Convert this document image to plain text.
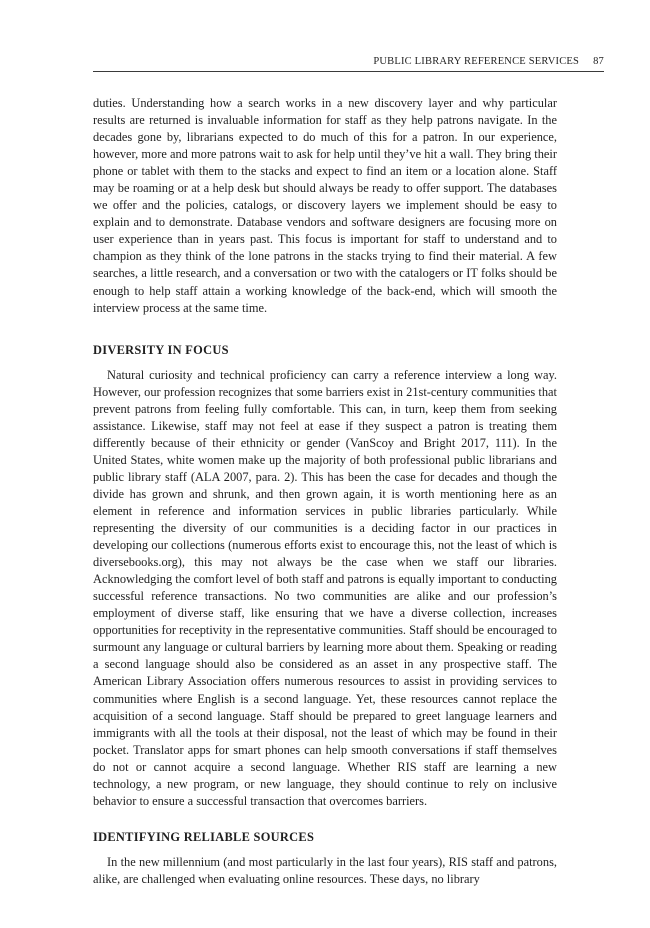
PUBLIC LIBRARY REFERENCE SERVICES 87

duties. Understanding how a search works in a new discovery layer and why particular results are returned is invaluable information for staff as they help patrons navigate. In the decades gone by, librarians expected to do much of this for a patron. In our experience, however, more and more patrons wait to ask for help until they’ve hit a wall. They bring their phone or tablet with them to the stacks and expect to find an item or a location alone. Staff may be roaming or at a help desk but should always be ready to offer support. The databases we offer and the policies, catalogs, or discovery layers we implement should be easy to explain and to demonstrate. Database vendors and software designers are focusing more on user experience than in years past. This focus is important for staff to understand and to champion as they think of the lone patrons in the stacks trying to find their material. A few searches, a little research, and a conversation or two with the catalogers or IT folks should be enough to help staff attain a working knowledge of the back-end, which will smooth the interview process at the same time.

DIVERSITY IN FOCUS

Natural curiosity and technical proficiency can carry a reference interview a long way. However, our profession recognizes that some barriers exist in 21st-century communities that prevent patrons from feeling fully comfortable. This can, in turn, keep them from seeking assistance. Likewise, staff may not feel at ease if they suspect a patron is treating them differently because of their ethnicity or gender (VanScoy and Bright 2017, 111). In the United States, white women make up the majority of both professional public librarians and public library staff (ALA 2007, para. 2). This has been the case for decades and though the divide has grown and shrunk, and then grown again, it is worth mentioning here as an element in reference and information services in public libraries particularly. While representing the diversity of our communities is a deciding factor in our practices in developing our collections (numerous efforts exist to encourage this, not the least of which is diversebooks.org), this may not always be the case when we staff our libraries. Acknowledging the comfort level of both staff and patrons is equally important to conducting successful reference transactions. No two communities are alike and our profession’s employment of diverse staff, like ensuring that we have a diverse collection, increases opportunities for receptivity in the representative communities. Staff should be encouraged to surmount any language or cultural barriers by learning more about them. Speaking or reading a second language should also be considered as an asset in any prospective staff. The American Library Association offers numerous resources to assist in providing services to communities where English is a second language. Yet, these resources cannot replace the acquisition of a second language. Staff should be prepared to greet language learners and immigrants with all the tools at their disposal, not the least of which may be found in their pocket. Translator apps for smart phones can help smooth conversations if staff themselves do not or cannot acquire a second language. Whether RIS staff are learning a new technology, a new program, or new language, they should continue to rely on inclusive behavior to ensure a successful transaction that overcomes barriers.

IDENTIFYING RELIABLE SOURCES

In the new millennium (and most particularly in the last four years), RIS staff and patrons, alike, are challenged when evaluating online resources. These days, no library
